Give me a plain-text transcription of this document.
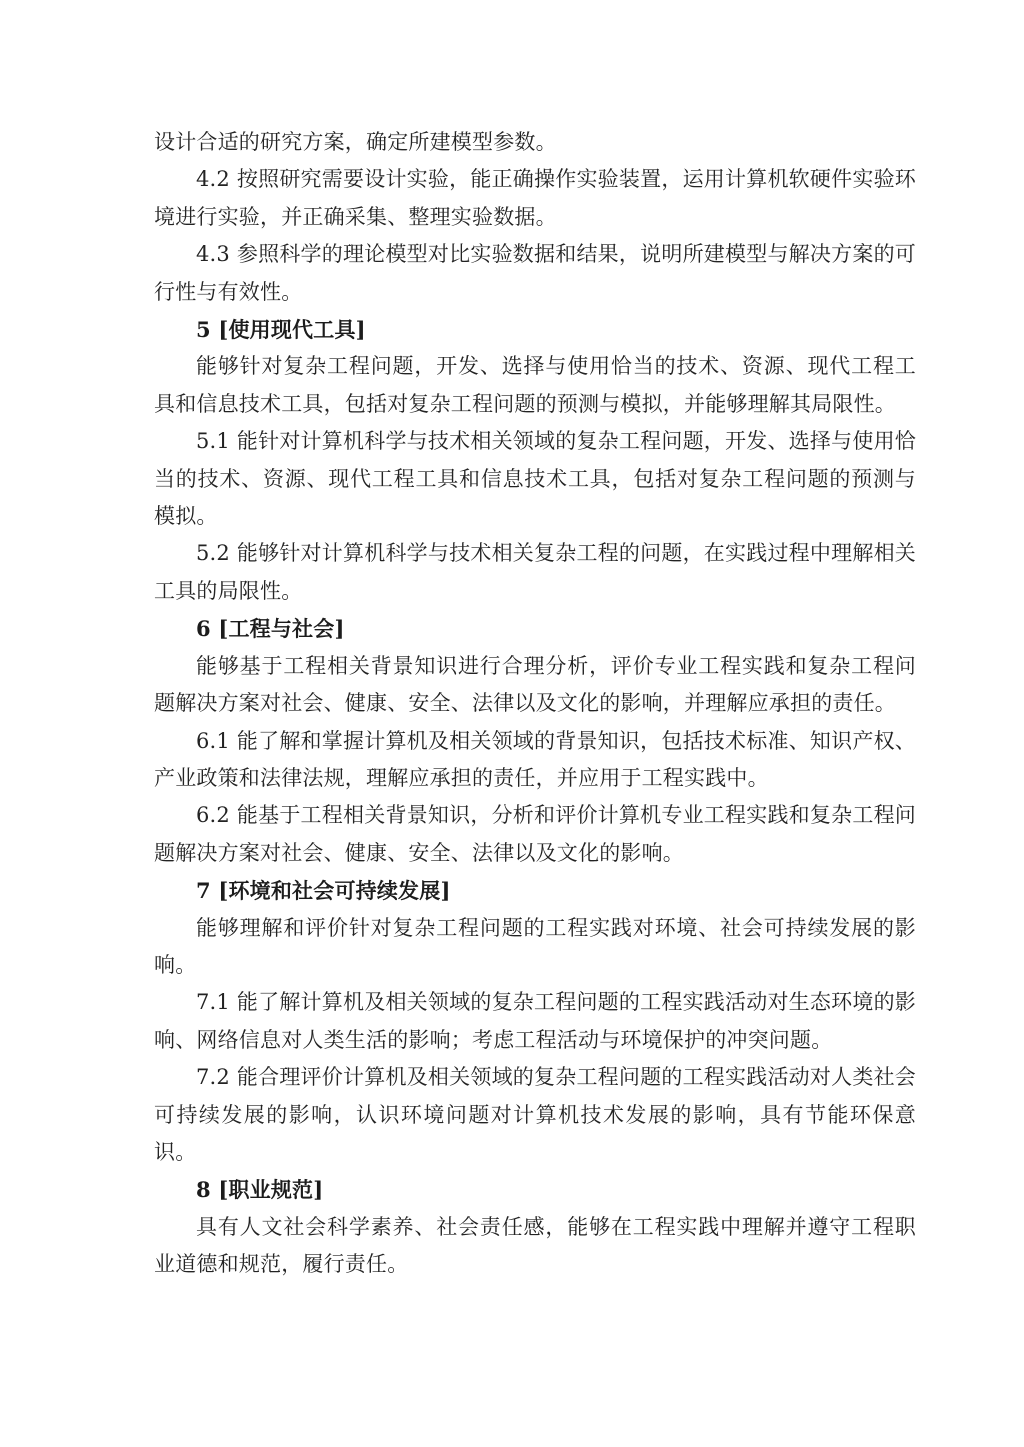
设计合适的研究方案，确定所建模型参数。

4.2 按照研究需要设计实验，能正确操作实验装置，运用计算机软硬件实验环境进行实验，并正确采集、整理实验数据。

4.3 参照科学的理论模型对比实验数据和结果，说明所建模型与解决方案的可行性与有效性。

5 [使用现代工具]

能够针对复杂工程问题，开发、选择与使用恰当的技术、资源、现代工程工具和信息技术工具，包括对复杂工程问题的预测与模拟，并能够理解其局限性。

5.1 能针对计算机科学与技术相关领域的复杂工程问题，开发、选择与使用恰当的技术、资源、现代工程工具和信息技术工具，包括对复杂工程问题的预测与模拟。

5.2 能够针对计算机科学与技术相关复杂工程的问题，在实践过程中理解相关工具的局限性。

6 [工程与社会]

能够基于工程相关背景知识进行合理分析，评价专业工程实践和复杂工程问题解决方案对社会、健康、安全、法律以及文化的影响，并理解应承担的责任。

6.1 能了解和掌握计算机及相关领域的背景知识，包括技术标准、知识产权、产业政策和法律法规，理解应承担的责任，并应用于工程实践中。

6.2 能基于工程相关背景知识，分析和评价计算机专业工程实践和复杂工程问题解决方案对社会、健康、安全、法律以及文化的影响。

7 [环境和社会可持续发展]

能够理解和评价针对复杂工程问题的工程实践对环境、社会可持续发展的影响。

7.1 能了解计算机及相关领域的复杂工程问题的工程实践活动对生态环境的影响、网络信息对人类生活的影响；考虑工程活动与环境保护的冲突问题。

7.2 能合理评价计算机及相关领域的复杂工程问题的工程实践活动对人类社会可持续发展的影响，认识环境问题对计算机技术发展的影响，具有节能环保意识。

8 [职业规范]

具有人文社会科学素养、社会责任感，能够在工程实践中理解并遵守工程职业道德和规范，履行责任。
